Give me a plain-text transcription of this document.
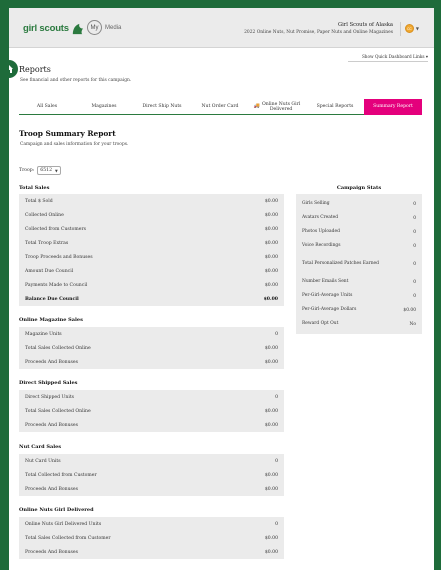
girl scouts	My	Media	Girl Scouts of Alaska
2022 Online Nuts, Nut Promise, Paper Nuts and Online Magazines
CC	▼
Show Quick Dashboard Links ▾
Reports
See financial and other reports for this campaign.
All Sales	Magazines	Direct Ship Nuts	Nut Order Card	🚚 Online Nuts Girl Delivered
Special Reports	Summary Report
Troop Summary Report
Campaign and sales information for your troops.
Troop : 6512 ▼
Total Sales
Total $ Sold	$0.00
Collected Online	$0.00
Collected from Customers	$0.00
Total Troop Extras	$0.00
Troop Proceeds and Bonuses	$0.00
Amount Due Council	$0.00
Payments Made to Council	$0.00
Balance Due Council	$0.00
Online Magazine Sales
Magazine Units	0
Total Sales Collected Online	$0.00
Proceeds And Bonuses	$0.00
Direct Shipped Sales
Direct Shipped Units	0
Total Sales Collected Online	$0.00
Proceeds And Bonuses	$0.00
Nut Card Sales
Nut Card Units	0
Total Collected from Customer	$0.00
Proceeds And Bonuses	$0.00
Online Nuts Girl Delivered
Online Nuts Girl Delivered Units	0
Total Sales Collected from Customer	$0.00
Proceeds And Bonuses	$0.00
Campaign Stats
Girls Selling	0
Avatars Created	0
Photos Uploaded	0
Voice Recordings	0
Total Personalized Patches Earned	0
Number Emails Sent	0
Per-Girl-Average Units	0
Per-Girl-Average Dollars	$0.00
Reward Opt Out	No
